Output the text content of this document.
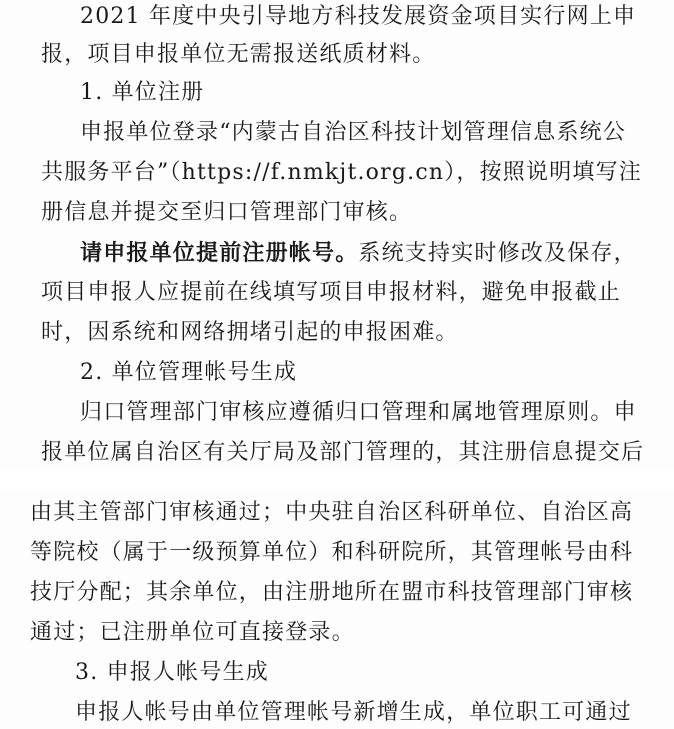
2021 年度中央引导地方科技发展资金项目实行网上申
报，项目申报单位无需报送纸质材料。
1. 单位注册
申报单位登录“内蒙古自治区科技计划管理信息系统公
共服务平台”（https://f.nmkjt.org.cn），按照说明填写注
册信息并提交至归口管理部门审核。
请申报单位提前注册帐号。系统支持实时修改及保存，
项目申报人应提前在线填写项目申报材料，避免申报截止
时，因系统和网络拥堵引起的申报困难。
2. 单位管理帐号生成
归口管理部门审核应遵循归口管理和属地管理原则。申
报单位属自治区有关厅局及部门管理的，其注册信息提交后
由其主管部门审核通过；中央驻自治区科研单位、自治区高
等院校（属于一级预算单位）和科研院所，其管理帐号由科
技厅分配；其余单位，由注册地所在盟市科技管理部门审核
通过；已注册单位可直接登录。
3. 申报人帐号生成
申报人帐号由单位管理帐号新增生成，单位职工可通过
